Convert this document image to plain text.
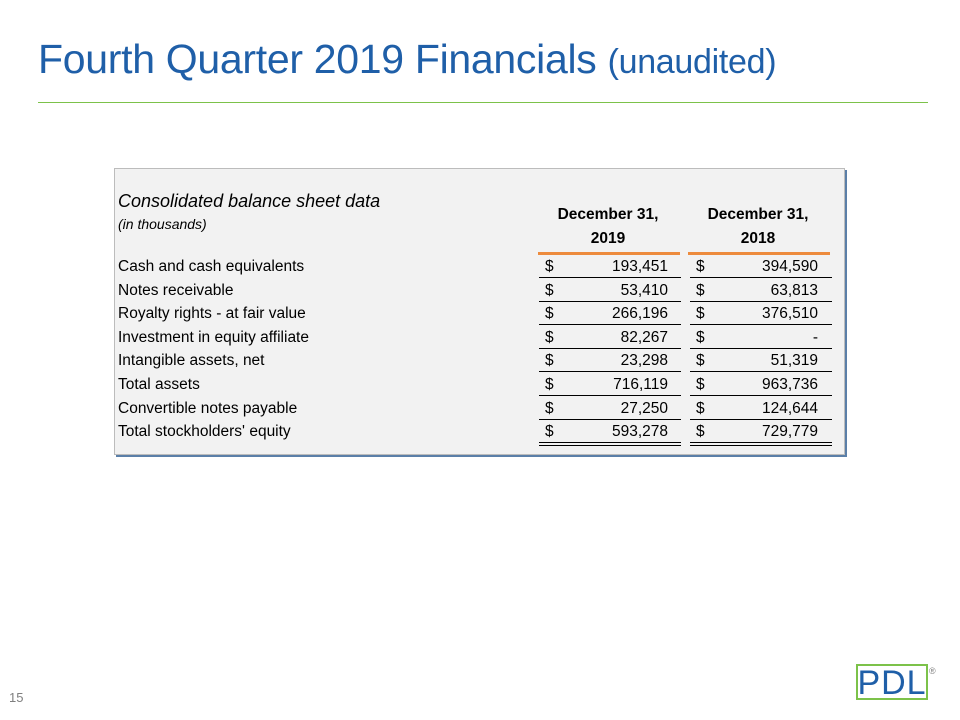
Fourth Quarter 2019 Financials (unaudited)
Consolidated balance sheet data
(in thousands)
December 31,
2019
December 31,
2018
Cash and cash equivalents	$	193,451 $	394,590
Notes receivable	$	53,410 $	63,813
Royalty rights - at fair value	$	266,196 $	376,510
Investment in equity affiliate	$	82,267 $	-
Intangible assets, net	$	23,298 $	51,319
Total assets	$	716,119 $	963,736
Convertible notes payable	$	27,250 $	124,644
Total stockholders' equity	$	593,278 $	729,779
15	PDL ®
